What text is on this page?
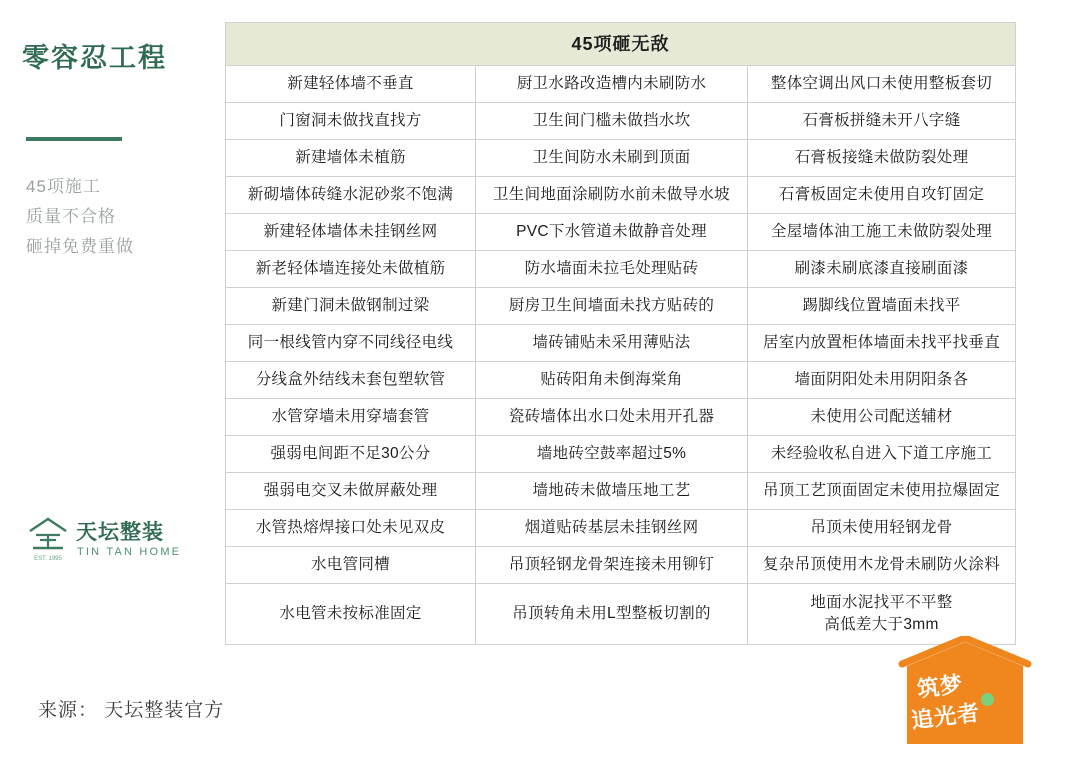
零容忍工程
45项施工
质量不合格
砸掉免费重做
EST. 1995
天坛整装
TIN TAN HOME
来源： 天坛整装官方
45项砸无敌		
新建轻体墙不垂直	厨卫水路改造槽内未刷防水	整体空调出风口未使用整板套切
门窗洞未做找直找方	卫生间门槛未做挡水坎	石膏板拼缝未开八字缝
新建墙体未植筋	卫生间防水未刷到顶面	石膏板接缝未做防裂处理
新砌墙体砖缝水泥砂浆不饱满	卫生间地面涂刷防水前未做导水坡	石膏板固定未使用自攻钉固定
新建轻体墙体未挂钢丝网	PVC下水管道未做静音处理	全屋墙体油工施工未做防裂处理
新老轻体墙连接处未做植筋	防水墙面未拉毛处理贴砖	刷漆未刷底漆直接刷面漆
新建门洞未做钢制过梁	厨房卫生间墙面未找方贴砖的	踢脚线位置墙面未找平
同一根线管内穿不同线径电线	墙砖铺贴未采用薄贴法	居室内放置柜体墙面未找平找垂直
分线盒外结线未套包塑软管	贴砖阳角未倒海棠角	墙面阴阳处未用阴阳条各
水管穿墙未用穿墙套管	瓷砖墙体出水口处未用开孔器	未使用公司配送辅材
强弱电间距不足30公分	墙地砖空鼓率超过5%	未经验收私自进入下道工序施工
强弱电交叉未做屏蔽处理	墙地砖未做墙压地工艺	吊顶工艺顶面固定未使用拉爆固定
水管热熔焊接口处未见双皮	烟道贴砖基层未挂钢丝网	吊顶未使用轻钢龙骨
水电管同槽	吊顶轻钢龙骨架连接未用铆钉	复杂吊顶使用木龙骨未刷防火涂料
水电管未按标准固定	吊顶转角未用L型整板切割的	地面水泥找平不平整
高低差大于3mm
筑梦
追光者
